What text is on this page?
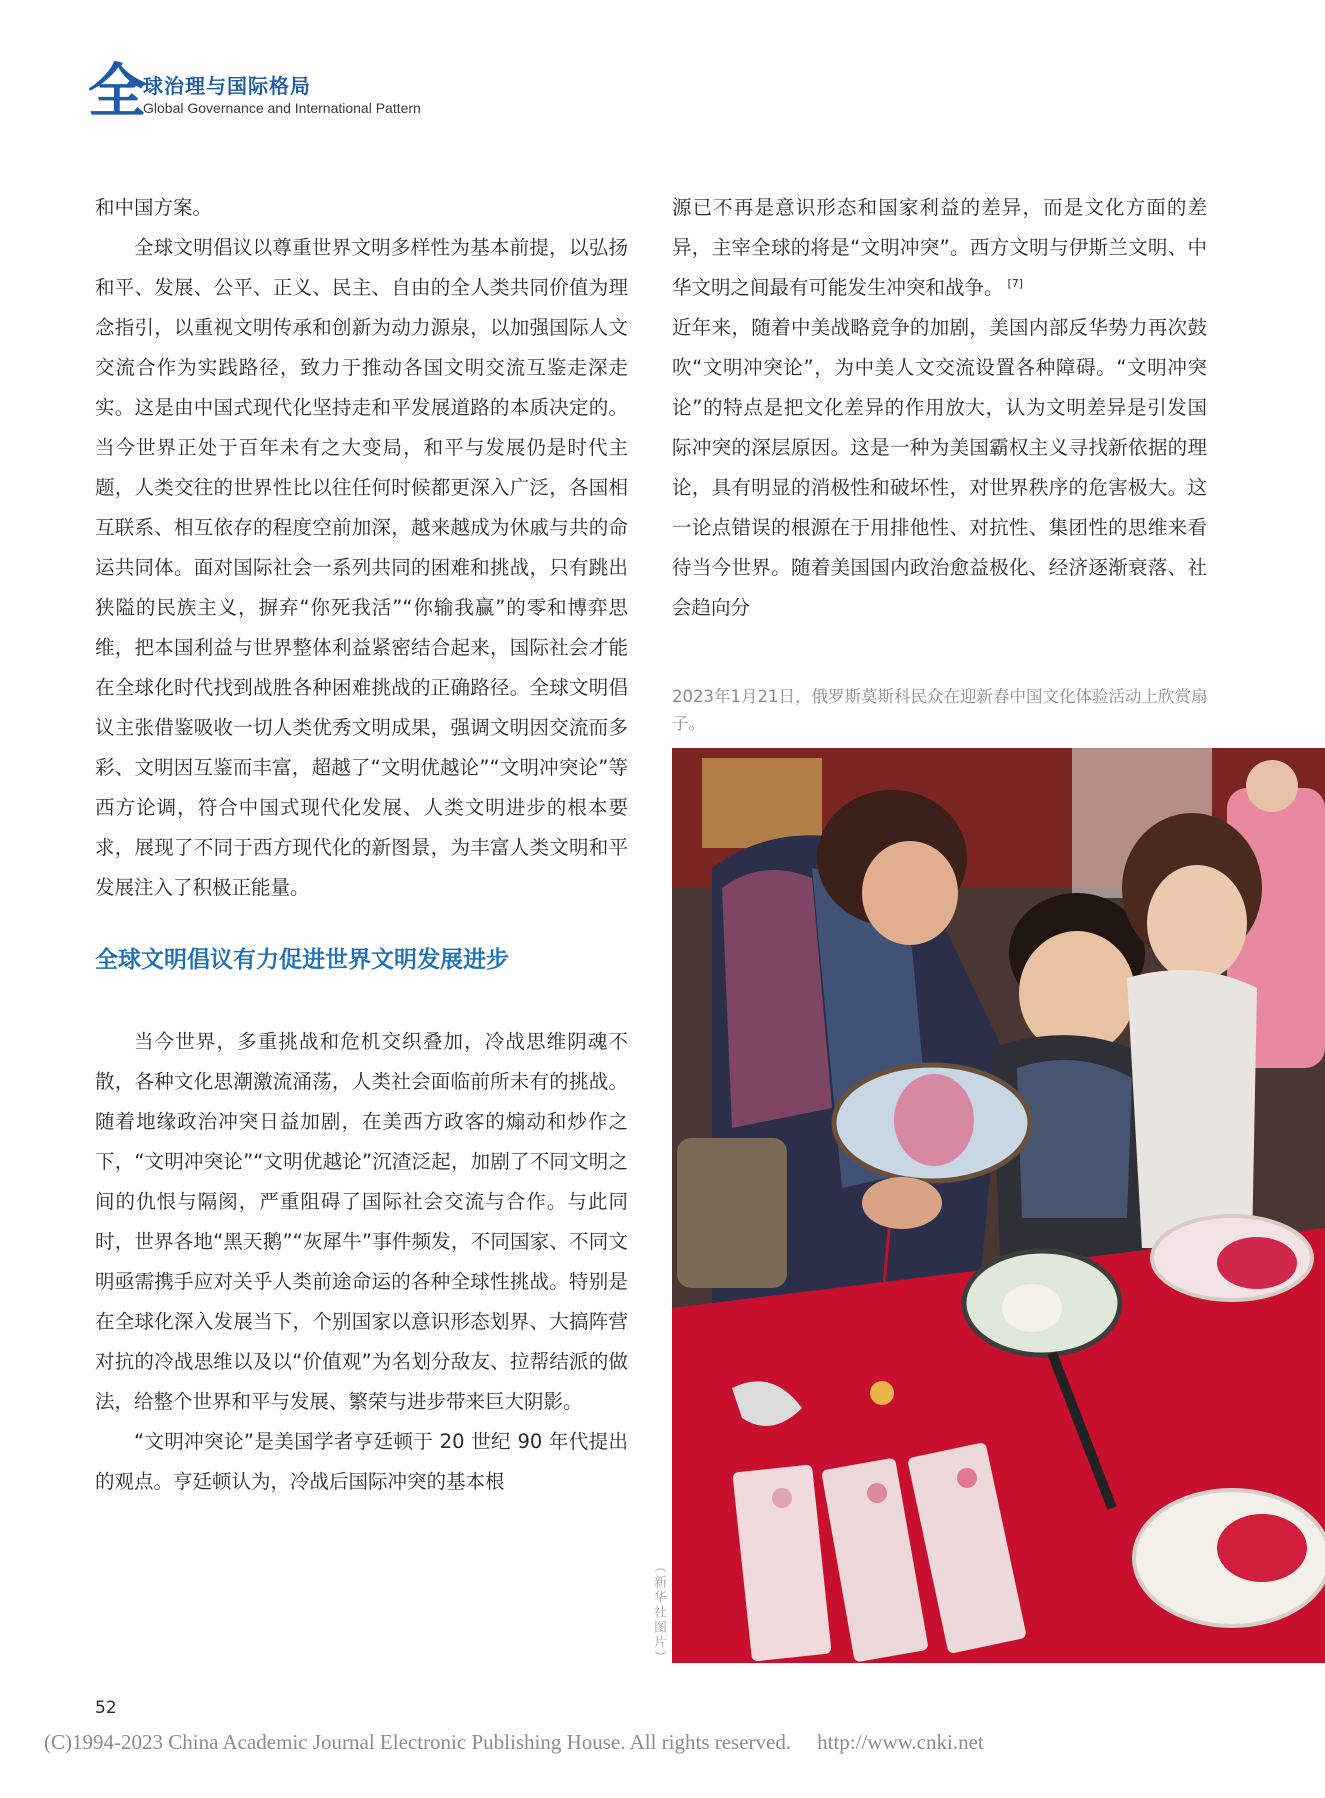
全
球治理与国际格局
Global Governance and International Pattern

和中国方案。

全球文明倡议以尊重世界文明多样性为基本前提，以弘扬和平、发展、公平、正义、民主、自由的全人类共同价值为理念指引，以重视文明传承和创新为动力源泉，以加强国际人文交流合作为实践路径，致力于推动各国文明交流互鉴走深走实。这是由中国式现代化坚持走和平发展道路的本质决定的。当今世界正处于百年未有之大变局，和平与发展仍是时代主题，人类交往的世界性比以往任何时候都更深入广泛，各国相互联系、相互依存的程度空前加深，越来越成为休戚与共的命运共同体。面对国际社会一系列共同的困难和挑战，只有跳出狭隘的民族主义，摒弃“你死我活”“你输我赢”的零和博弈思维，把本国利益与世界整体利益紧密结合起来，国际社会才能在全球化时代找到战胜各种困难挑战的正确路径。全球文明倡议主张借鉴吸收一切人类优秀文明成果，强调文明因交流而多彩、文明因互鉴而丰富，超越了“文明优越论”“文明冲突论”等西方论调，符合中国式现代化发展、人类文明进步的根本要求，展现了不同于西方现代化的新图景，为丰富人类文明和平发展注入了积极正能量。

全球文明倡议有力促进世界文明发展进步

当今世界，多重挑战和危机交织叠加，冷战思维阴魂不散，各种文化思潮激流涌荡，人类社会面临前所未有的挑战。随着地缘政治冲突日益加剧，在美西方政客的煽动和炒作之下，“文明冲突论”“文明优越论”沉渣泛起，加剧了不同文明之间的仇恨与隔阂，严重阻碍了国际社会交流与合作。与此同时，世界各地“黑天鹅”“灰犀牛”事件频发，不同国家、不同文明亟需携手应对关乎人类前途命运的各种全球性挑战。特别是在全球化深入发展当下，个别国家以意识形态划界、大搞阵营对抗的冷战思维以及以“价值观”为名划分敌友、拉帮结派的做法，给整个世界和平与发展、繁荣与进步带来巨大阴影。

“文明冲突论”是美国学者亨廷顿于 20 世纪 90 年代提出的观点。亨廷顿认为，冷战后国际冲突的基本根

源已不再是意识形态和国家利益的差异，而是文化方面的差异，主宰全球的将是“文明冲突”。西方文明与伊斯兰文明、中华文明之间最有可能发生冲突和战争。 [7]

近年来，随着中美战略竞争的加剧，美国内部反华势力再次鼓吹“文明冲突论”，为中美人文交流设置各种障碍。“文明冲突论”的特点是把文化差异的作用放大，认为文明差异是引发国际冲突的深层原因。这是一种为美国霸权主义寻找新依据的理论，具有明显的消极性和破坏性，对世界秩序的危害极大。这一论点错误的根源在于用排他性、对抗性、集团性的思维来看待当今世界。随着美国国内政治愈益极化、经济逐渐衰落、社会趋向分

2023年1月21日，俄罗斯莫斯科民众在迎新春中国文化体验活动上欣赏扇子。
（新华社图片）
52
(C)1994-2023 China Academic Journal Electronic Publishing House. All rights reserved. http://www.cnki.net
